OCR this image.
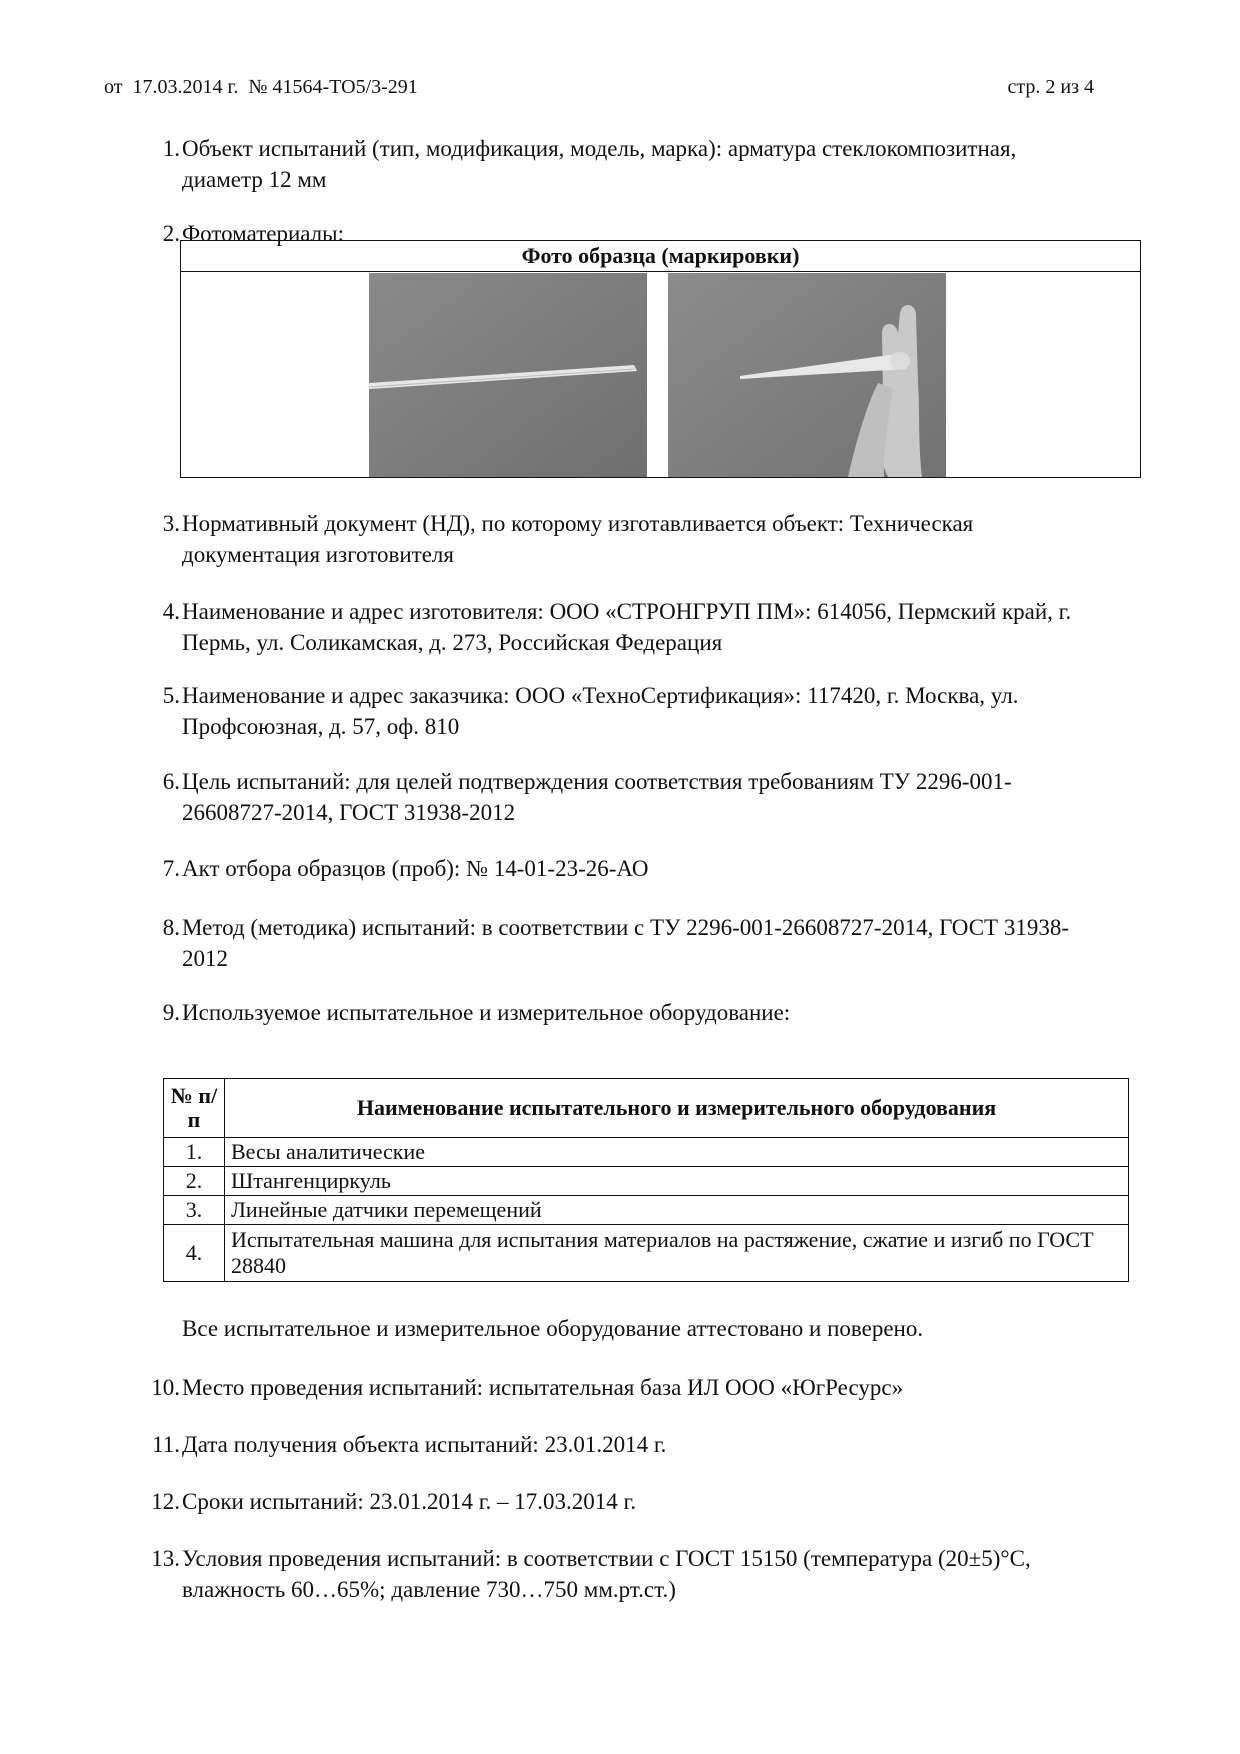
от  17.03.2014 г.  № 41564-ТО5/3-291	стр. 2 из 4
1. Объект испытаний (тип, модификация, модель, марка): арматура стеклокомпозитная,
диаметр 12 мм
2. Фотоматериалы:
Фото образца (маркировки)
3. Нормативный документ (НД), по которому изготавливается объект: Техническая
документация изготовителя
4. Наименование и адрес изготовителя: ООО «СТРОНГРУП ПМ»: 614056, Пермский край, г.
Пермь, ул. Соликамская, д. 273, Российская Федерация
5. Наименование и адрес заказчика: ООО «ТехноСертификация»: 117420, г. Москва, ул.
Профсоюзная, д. 57, оф. 810
6. Цель испытаний: для целей подтверждения соответствия требованиям ТУ 2296-001-
26608727-2014, ГОСТ 31938-2012
7. Акт отбора образцов (проб): № 14-01-23-26-АО
8. Метод (методика) испытаний: в соответствии с ТУ 2296-001-26608727-2014, ГОСТ 31938-
2012
9. Используемое испытательное и измерительное оборудование:
№ п/п	Наименование испытательного и измерительного оборудования
1.	Весы аналитические
2.	Штангенциркуль
3.	Линейные датчики перемещений
4.	Испытательная машина для испытания материалов на растяжение, сжатие и изгиб по ГОСТ 28840
Все испытательное и измерительное оборудование аттестовано и поверено.
10. Место проведения испытаний: испытательная база ИЛ ООО «ЮгРесурс»
11. Дата получения объекта испытаний: 23.01.2014 г.
12. Сроки испытаний: 23.01.2014 г. – 17.03.2014 г.
13. Условия проведения испытаний: в соответствии с ГОСТ 15150 (температура (20±5)°С,
влажность 60…65%; давление 730…750 мм.рт.ст.)
